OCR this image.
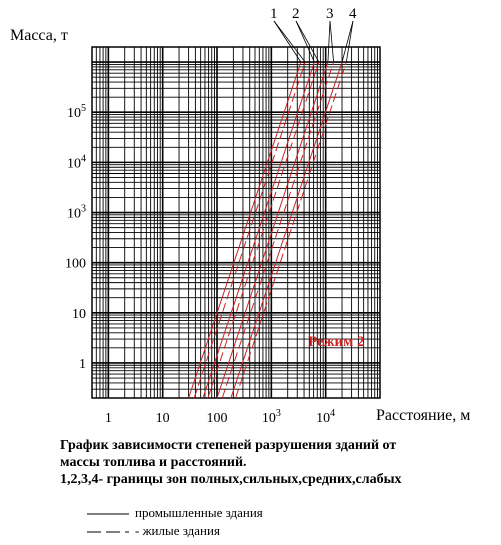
1	10	100 $10^3$	$10^4$
1
10
100
$10^3$
$10^4$
$10^5$
Масса, т
Расстояние, м
Режим 2
1 2 3 4
График зависимости степеней разрушения зданий от
массы топлива и расстояний.
1,2,3,4- границы зон полных,сильных,средних,слабых
промышленные здания
- жилые здания
